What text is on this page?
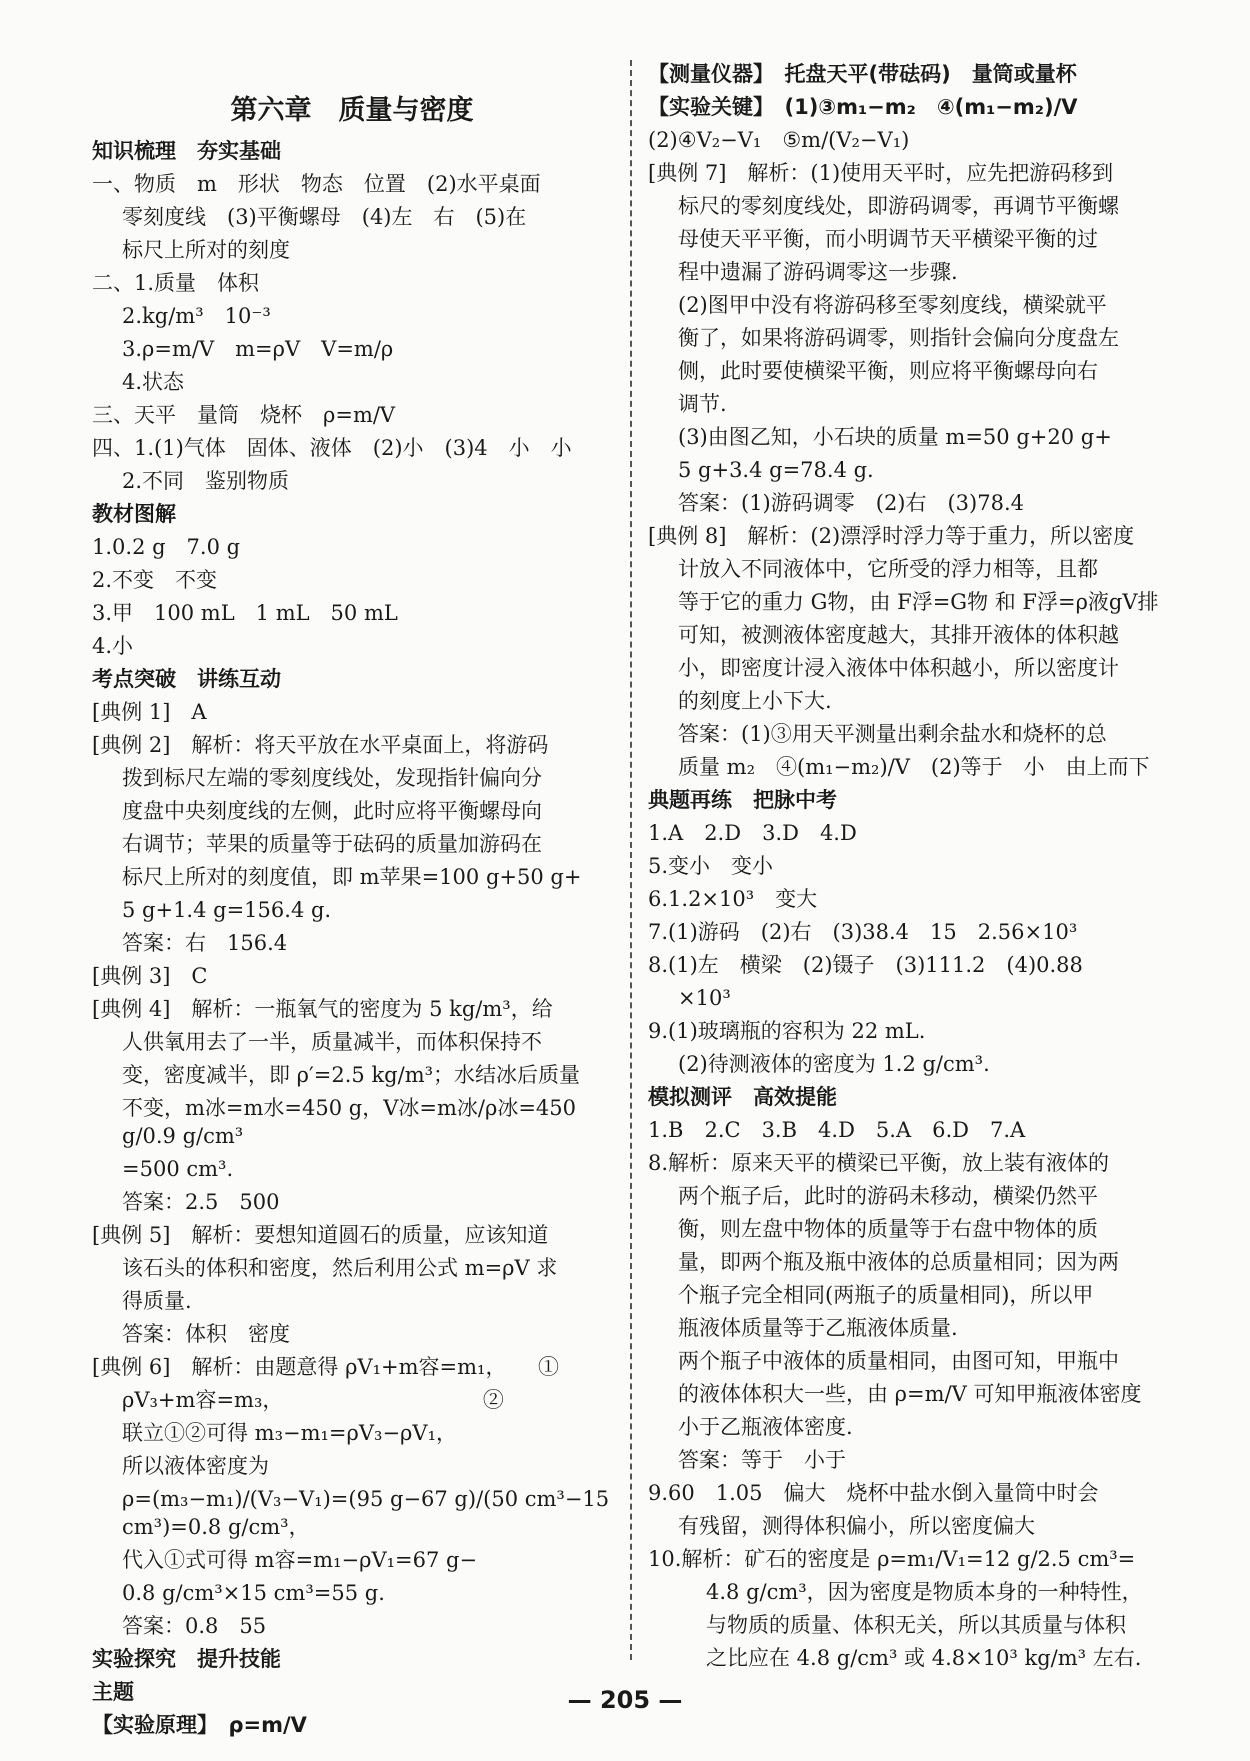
第六章　质量与密度
知识梳理　夯实基础
一、物质　m　形状　物态　位置　(2)水平桌面
零刻度线　(3)平衡螺母　(4)左　右　(5)在
标尺上所对的刻度
二、1.质量　体积
2.kg/m³　10⁻³
3.ρ=m/V　m=ρV　V=m/ρ
4.状态
三、天平　量筒　烧杯　ρ=m/V
四、1.(1)气体　固体、液体　(2)小　(3)4　小　小
2.不同　鉴别物质
教材图解
1.0.2 g　7.0 g
2.不变　不变
3.甲　100 mL　1 mL　50 mL
4.小
考点突破　讲练互动
[典例 1]　A
[典例 2]　解析：将天平放在水平桌面上，将游码
拨到标尺左端的零刻度线处，发现指针偏向分
度盘中央刻度线的左侧，此时应将平衡螺母向
右调节；苹果的质量等于砝码的质量加游码在
标尺上所对的刻度值，即 m苹果=100 g+50 g+
5 g+1.4 g=156.4 g.
答案：右　156.4
[典例 3]　C
[典例 4]　解析：一瓶氧气的密度为 5 kg/m³，给
人供氧用去了一半，质量减半，而体积保持不
变，密度减半，即 ρ′=2.5 kg/m³；水结冰后质量
不变，m冰=m水=450 g，V冰=m冰/ρ冰=450 g/0.9 g/cm³
=500 cm³.
答案：2.5　500
[典例 5]　解析：要想知道圆石的质量，应该知道
该石头的体积和密度，然后利用公式 m=ρV 求
得质量.
答案：体积　密度
[典例 6]　解析：由题意得 ρV₁+m容=m₁，　　①
ρV₃+m容=m₃，　　　　　　　　　　②
联立①②可得 m₃−m₁=ρV₃−ρV₁，
所以液体密度为
ρ=(m₃−m₁)/(V₃−V₁)=(95 g−67 g)/(50 cm³−15 cm³)=0.8 g/cm³，
代入①式可得 m容=m₁−ρV₁=67 g−
0.8 g/cm³×15 cm³=55 g.
答案：0.8　55
实验探究　提升技能
主题
【实验原理】　ρ=m/V
【测量仪器】　托盘天平(带砝码)　量筒或量杯
【实验关键】　(1)③m₁−m₂　④(m₁−m₂)/V
(2)④V₂−V₁　⑤m/(V₂−V₁)
[典例 7]　解析：(1)使用天平时，应先把游码移到
标尺的零刻度线处，即游码调零，再调节平衡螺
母使天平平衡，而小明调节天平横梁平衡的过
程中遗漏了游码调零这一步骤.
(2)图甲中没有将游码移至零刻度线，横梁就平
衡了，如果将游码调零，则指针会偏向分度盘左
侧，此时要使横梁平衡，则应将平衡螺母向右
调节.
(3)由图乙知，小石块的质量 m=50 g+20 g+
5 g+3.4 g=78.4 g.
答案：(1)游码调零　(2)右　(3)78.4
[典例 8]　解析：(2)漂浮时浮力等于重力，所以密度
计放入不同液体中，它所受的浮力相等，且都
等于它的重力 G物，由 F浮=G物 和 F浮=ρ液gV排
可知，被测液体密度越大，其排开液体的体积越
小，即密度计浸入液体中体积越小，所以密度计
的刻度上小下大.
答案：(1)③用天平测量出剩余盐水和烧杯的总
质量 m₂　④(m₁−m₂)/V　(2)等于　小　由上而下
典题再练　把脉中考
1.A　2.D　3.D　4.D
5.变小　变小
6.1.2×10³　变大
7.(1)游码　(2)右　(3)38.4　15　2.56×10³
8.(1)左　横梁　(2)镊子　(3)111.2　(4)0.88
×10³
9.(1)玻璃瓶的容积为 22 mL.
(2)待测液体的密度为 1.2 g/cm³.
模拟测评　高效提能
1.B　2.C　3.B　4.D　5.A　6.D　7.A
8.解析：原来天平的横梁已平衡，放上装有液体的
两个瓶子后，此时的游码未移动，横梁仍然平
衡，则左盘中物体的质量等于右盘中物体的质
量，即两个瓶及瓶中液体的总质量相同；因为两
个瓶子完全相同(两瓶子的质量相同)，所以甲
瓶液体质量等于乙瓶液体质量.
两个瓶子中液体的质量相同，由图可知，甲瓶中
的液体体积大一些，由 ρ=m/V 可知甲瓶液体密度
小于乙瓶液体密度.
答案：等于　小于
9.60　1.05　偏大　烧杯中盐水倒入量筒中时会
有残留，测得体积偏小，所以密度偏大
10.解析：矿石的密度是 ρ=m₁/V₁=12 g/2.5 cm³=
4.8 g/cm³，因为密度是物质本身的一种特性，
与物质的质量、体积无关，所以其质量与体积
之比应在 4.8 g/cm³ 或 4.8×10³ kg/m³ 左右.
— 205 —
